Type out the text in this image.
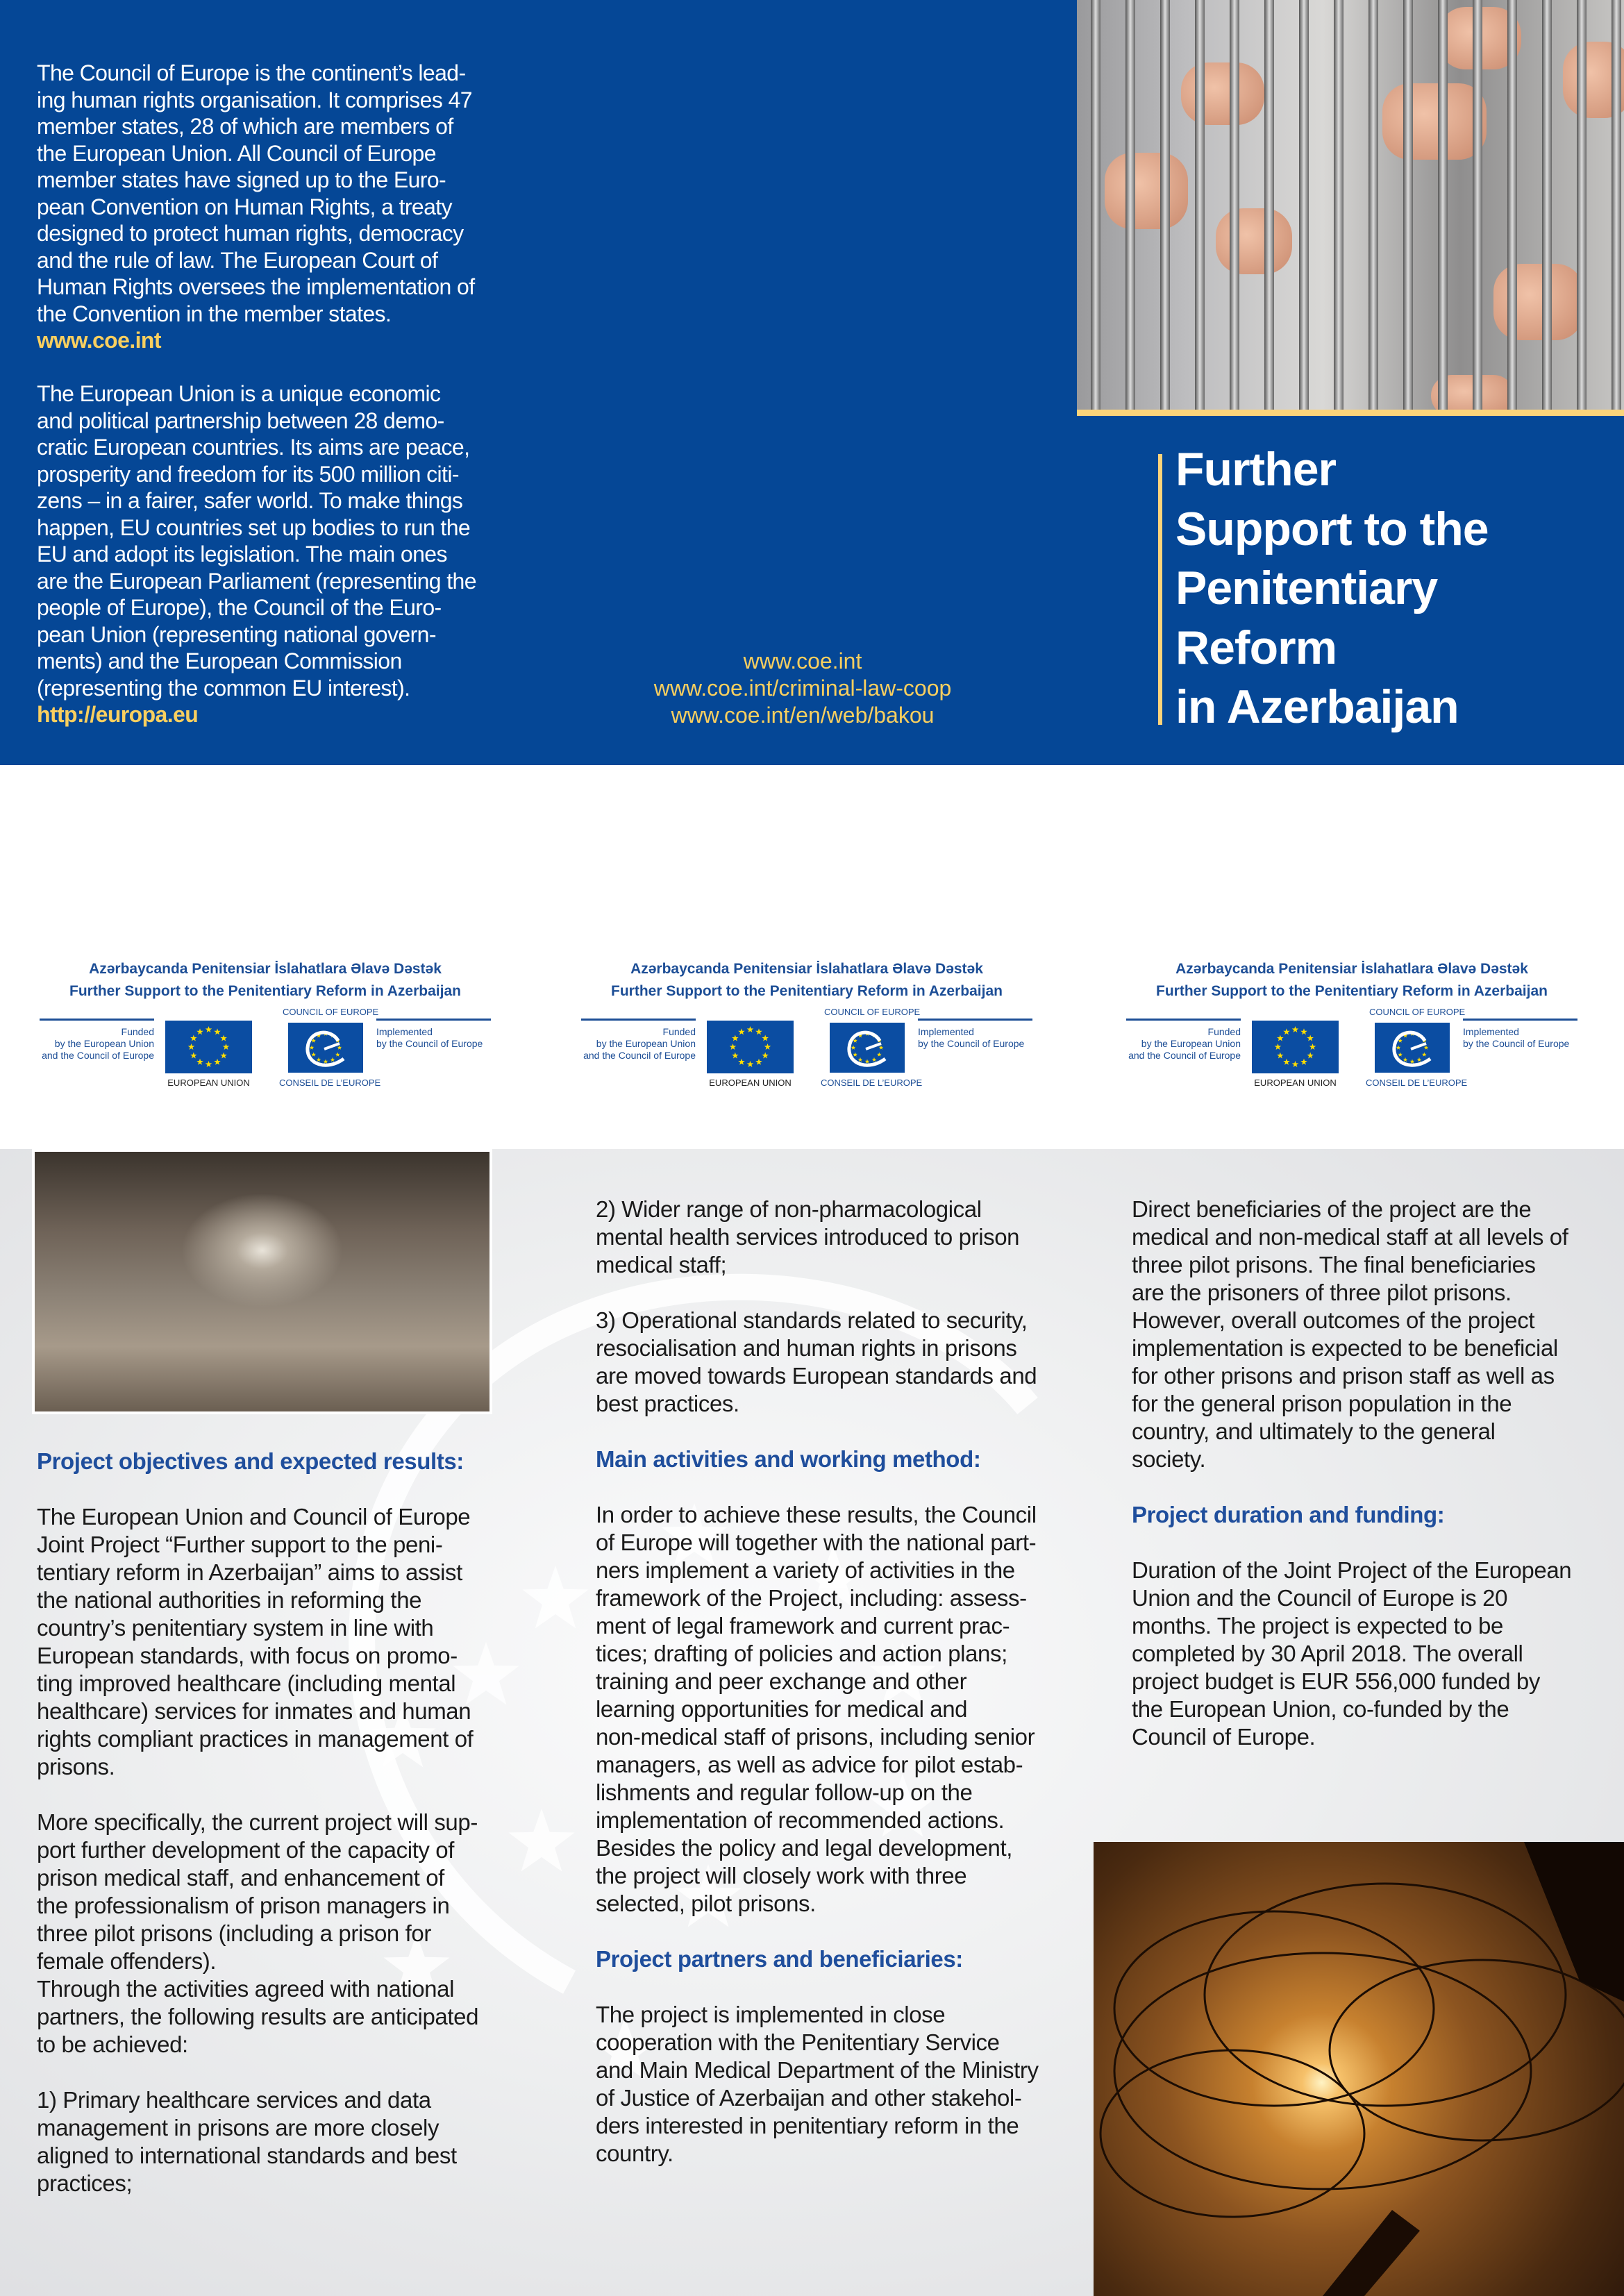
The Council of Europe is the continent’s lead-
ing human rights organisation. It comprises 47
member states, 28 of which are members of
the European Union. All Council of Europe
member states have signed up to the Euro-
pean Convention on Human Rights, a treaty
designed to protect human rights, democracy
and the rule of law. The European Court of
Human Rights oversees the implementation of
the Convention in the member states.
www.coe.int
The European Union is a unique economic
and political partnership between 28 demo-
cratic European countries. Its aims are peace,
prosperity and freedom for its 500 million citi-
zens – in a fairer, safer world. To make things
happen, EU countries set up bodies to run the
EU and adopt its legislation. The main ones
are the European Parliament (representing the
people of Europe), the Council of the Euro-
pean Union (representing national govern-
ments) and the European Commission
(representing the common EU interest).
http://europa.eu
www.coe.int
www.coe.int/criminal-law-coop
www.coe.int/en/web/bakou
Further
Support to the
Penitentiary
Reform
in Azerbaijan
Azərbaycanda Penitensiar İslahatlara Əlavə Dəstək
Further Support to the Penitentiary Reform in Azerbaijan
Funded
by the European Union
and the Council of Europe
Implemented
by the Council of Europe
EUROPEAN UNION
COUNCIL OF EUROPE
CONSEIL DE L’EUROPE
Azərbaycanda Penitensiar İslahatlara Əlavə Dəstək
Further Support to the Penitentiary Reform in Azerbaijan
Funded
by the European Union
and the Council of Europe
Implemented
by the Council of Europe
EUROPEAN UNION
COUNCIL OF EUROPE
CONSEIL DE L’EUROPE
Azərbaycanda Penitensiar İslahatlara Əlavə Dəstək
Further Support to the Penitentiary Reform in Azerbaijan
Funded
by the European Union
and the Council of Europe
Implemented
by the Council of Europe
EUROPEAN UNION
COUNCIL OF EUROPE
CONSEIL DE L’EUROPE
Project objectives and expected results:
The European Union and Council of Europe
Joint Project “Further support to the peni-
tentiary reform in Azerbaijan” aims to assist
the national authorities in reforming the
country’s penitentiary system in line with
European standards, with focus on promo-
ting improved healthcare (including mental
healthcare) services for inmates and human
rights compliant practices in management of
prisons.
More specifically, the current project will sup-
port further development of the capacity of
prison medical staff, and enhancement of
the professionalism of prison managers in
three pilot prisons (including a prison for
female offenders).
Through the activities agreed with national
partners, the following results are anticipated
to be achieved:
1) Primary healthcare services and data
management in prisons are more closely
aligned to international standards and best
practices;
2) Wider range of non-pharmacological
mental health services introduced to prison
medical staff;
3) Operational standards related to security,
resocialisation and human rights in prisons
are moved towards European standards and
best practices.
Main activities and working method:
In order to achieve these results, the Council
of Europe will together with the national part-
ners implement a variety of activities in the
framework of the Project, including: assess-
ment of legal framework and current prac-
tices; drafting of policies and action plans;
training and peer exchange and other
learning opportunities for medical and
non-medical staff of prisons, including senior
managers, as well as advice for pilot estab-
lishments and regular follow-up on the
implementation of recommended actions.
Besides the policy and legal development,
the project will closely work with three
selected, pilot prisons.
Project partners and beneficiaries:
The project is implemented in close
cooperation with the Penitentiary Service
and Main Medical Department of the Ministry
of Justice of Azerbaijan and other stakehol-
ders interested in penitentiary reform in the
country.
Direct beneficiaries of the project are the
medical and non-medical staff at all levels of
three pilot prisons. The final beneficiaries
are the prisoners of three pilot prisons.
However, overall outcomes of the project
implementation is expected to be beneficial
for other prisons and prison staff as well as
for the general prison population in the
country, and ultimately to the general
society.
Project duration and funding:
Duration of the Joint Project of the European
Union and the Council of Europe is 20
months. The project is expected to be
completed by 30 April 2018. The overall
project budget is EUR 556,000 funded by
the European Union, co-funded by the
Council of Europe.
